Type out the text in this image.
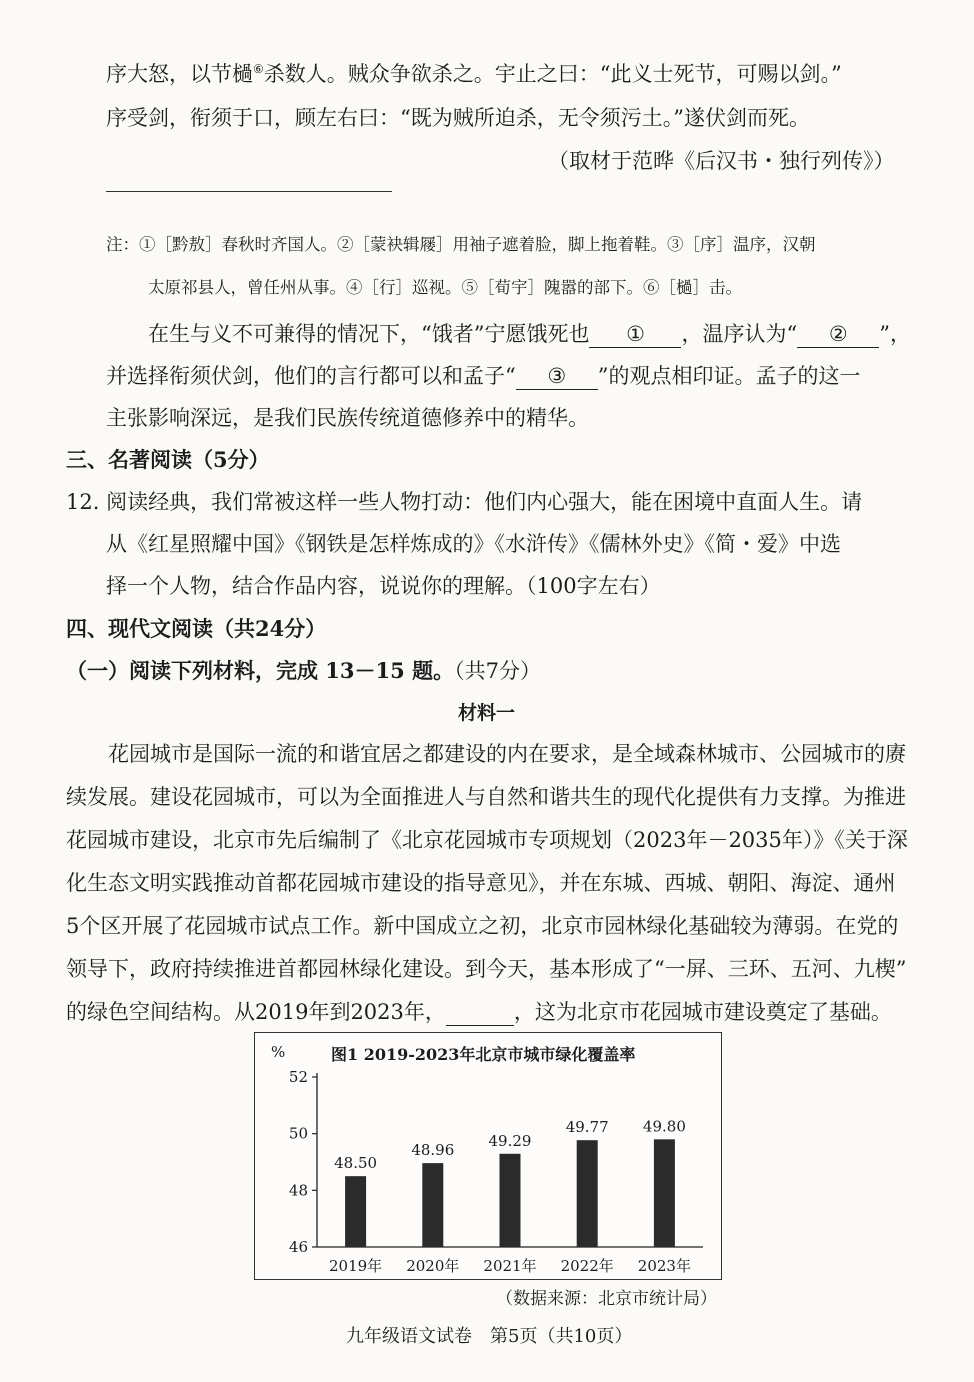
序大怒，以节檛⑥杀数人。贼众争欲杀之。宇止之曰：“此义士死节，可赐以剑。”
序受剑，衔须于口，顾左右曰：“既为贼所迫杀，无令须污土。”遂伏剑而死。
（取材于范晔《后汉书・独行列传》）
注：①［黔敖］春秋时齐国人。②［蒙袂辑屦］用袖子遮着脸，脚上拖着鞋。③［序］温序，汉朝
太原祁县人，曾任州从事。④［行］巡视。⑤［荀宇］隗嚣的部下。⑥［檛］击。
在生与义不可兼得的情况下，“饿者”宁愿饿死也 ① ，温序认为“ ② ”，
并选择衔须伏剑，他们的言行都可以和孟子“ ③ ”的观点相印证。孟子的这一
主张影响深远，是我们民族传统道德修养中的精华。
三、名著阅读（5分）
12. 阅读经典，我们常被这样一些人物打动：他们内心强大，能在困境中直面人生。请
从《红星照耀中国》《钢铁是怎样炼成的》《水浒传》《儒林外史》《简・爱》中选
择一个人物，结合作品内容，说说你的理解。（100字左右）
四、现代文阅读（共24分）
（一）阅读下列材料，完成 13－15 题。（共7分）
材料一
花园城市是国际一流的和谐宜居之都建设的内在要求，是全域森林城市、公园城市的赓
续发展。建设花园城市，可以为全面推进人与自然和谐共生的现代化提供有力支撑。为推进
花园城市建设，北京市先后编制了《北京花园城市专项规划（2023年－2035年）》《关于深
化生态文明实践推动首都花园城市建设的指导意见》，并在东城、西城、朝阳、海淀、通州
5个区开展了花园城市试点工作。新中国成立之初，北京市园林绿化基础较为薄弱。在党的
领导下，政府持续推进首都园林绿化建设。到今天，基本形成了“一屏、三环、五河、九楔”
的绿色空间结构。从2019年到2023年，	，这为北京市花园城市建设奠定了基础。
图1 2019-2023年北京市城市绿化覆盖率
%
46
48
50
52
48.50
2019年
48.96
2020年
49.29
2021年
49.77
2022年
49.80
2023年
（数据来源：北京市统计局）
九年级语文试卷　第5页（共10页）
